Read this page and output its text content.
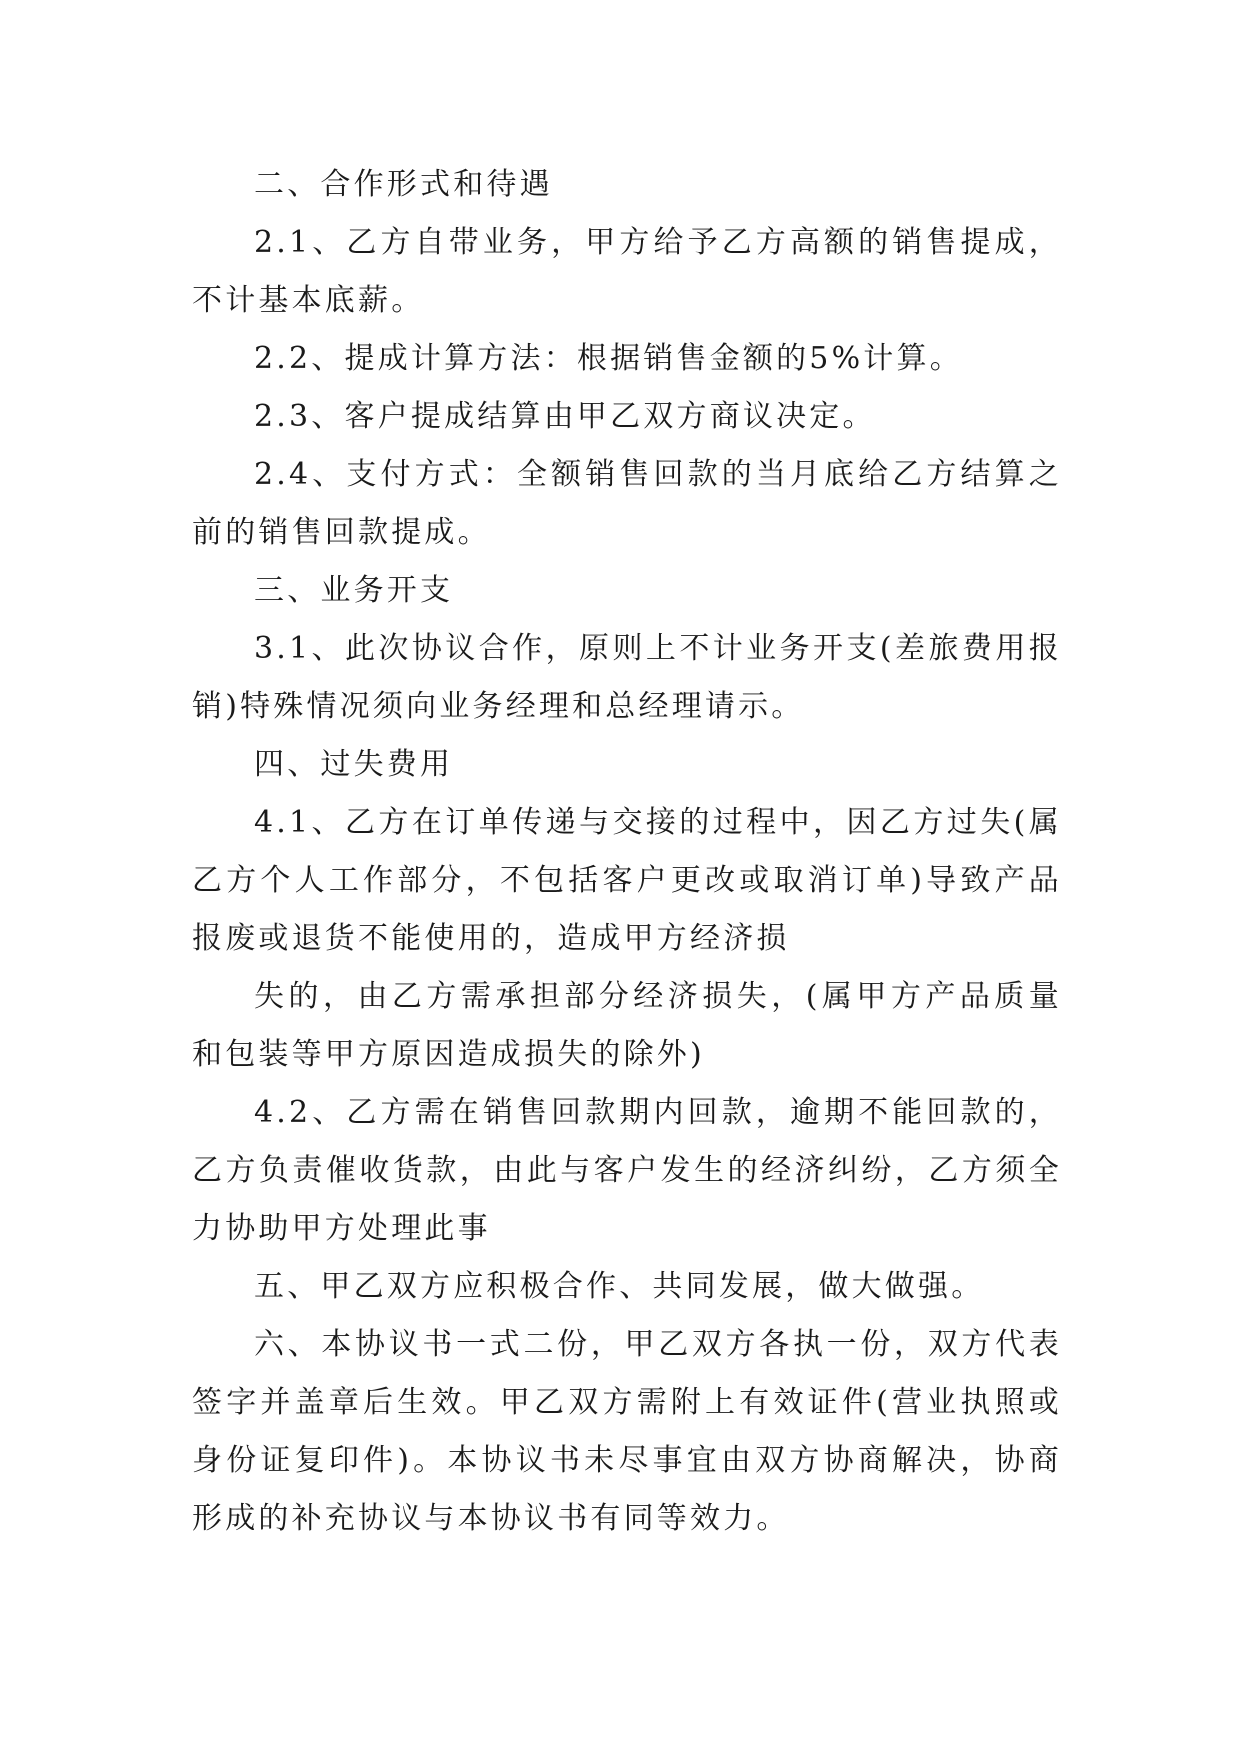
二、合作形式和待遇

2.1、乙方自带业务，甲方给予乙方高额的销售提成，不计基本底薪。

2.2、提成计算方法：根据销售金额的5%计算。

2.3、客户提成结算由甲乙双方商议决定。

2.4、支付方式：全额销售回款的当月底给乙方结算之前的销售回款提成。

三、业务开支

3.1、此次协议合作，原则上不计业务开支(差旅费用报销)特殊情况须向业务经理和总经理请示。

四、过失费用

4.1、乙方在订单传递与交接的过程中，因乙方过失(属乙方个人工作部分，不包括客户更改或取消订单)导致产品报废或退货不能使用的，造成甲方经济损

失的，由乙方需承担部分经济损失，(属甲方产品质量和包装等甲方原因造成损失的除外)

4.2、乙方需在销售回款期内回款，逾期不能回款的，乙方负责催收货款，由此与客户发生的经济纠纷，乙方须全力协助甲方处理此事

五、甲乙双方应积极合作、共同发展，做大做强。

六、本协议书一式二份，甲乙双方各执一份，双方代表签字并盖章后生效。甲乙双方需附上有效证件(营业执照或身份证复印件)。本协议书未尽事宜由双方协商解决，协商形成的补充协议与本协议书有同等效力。
